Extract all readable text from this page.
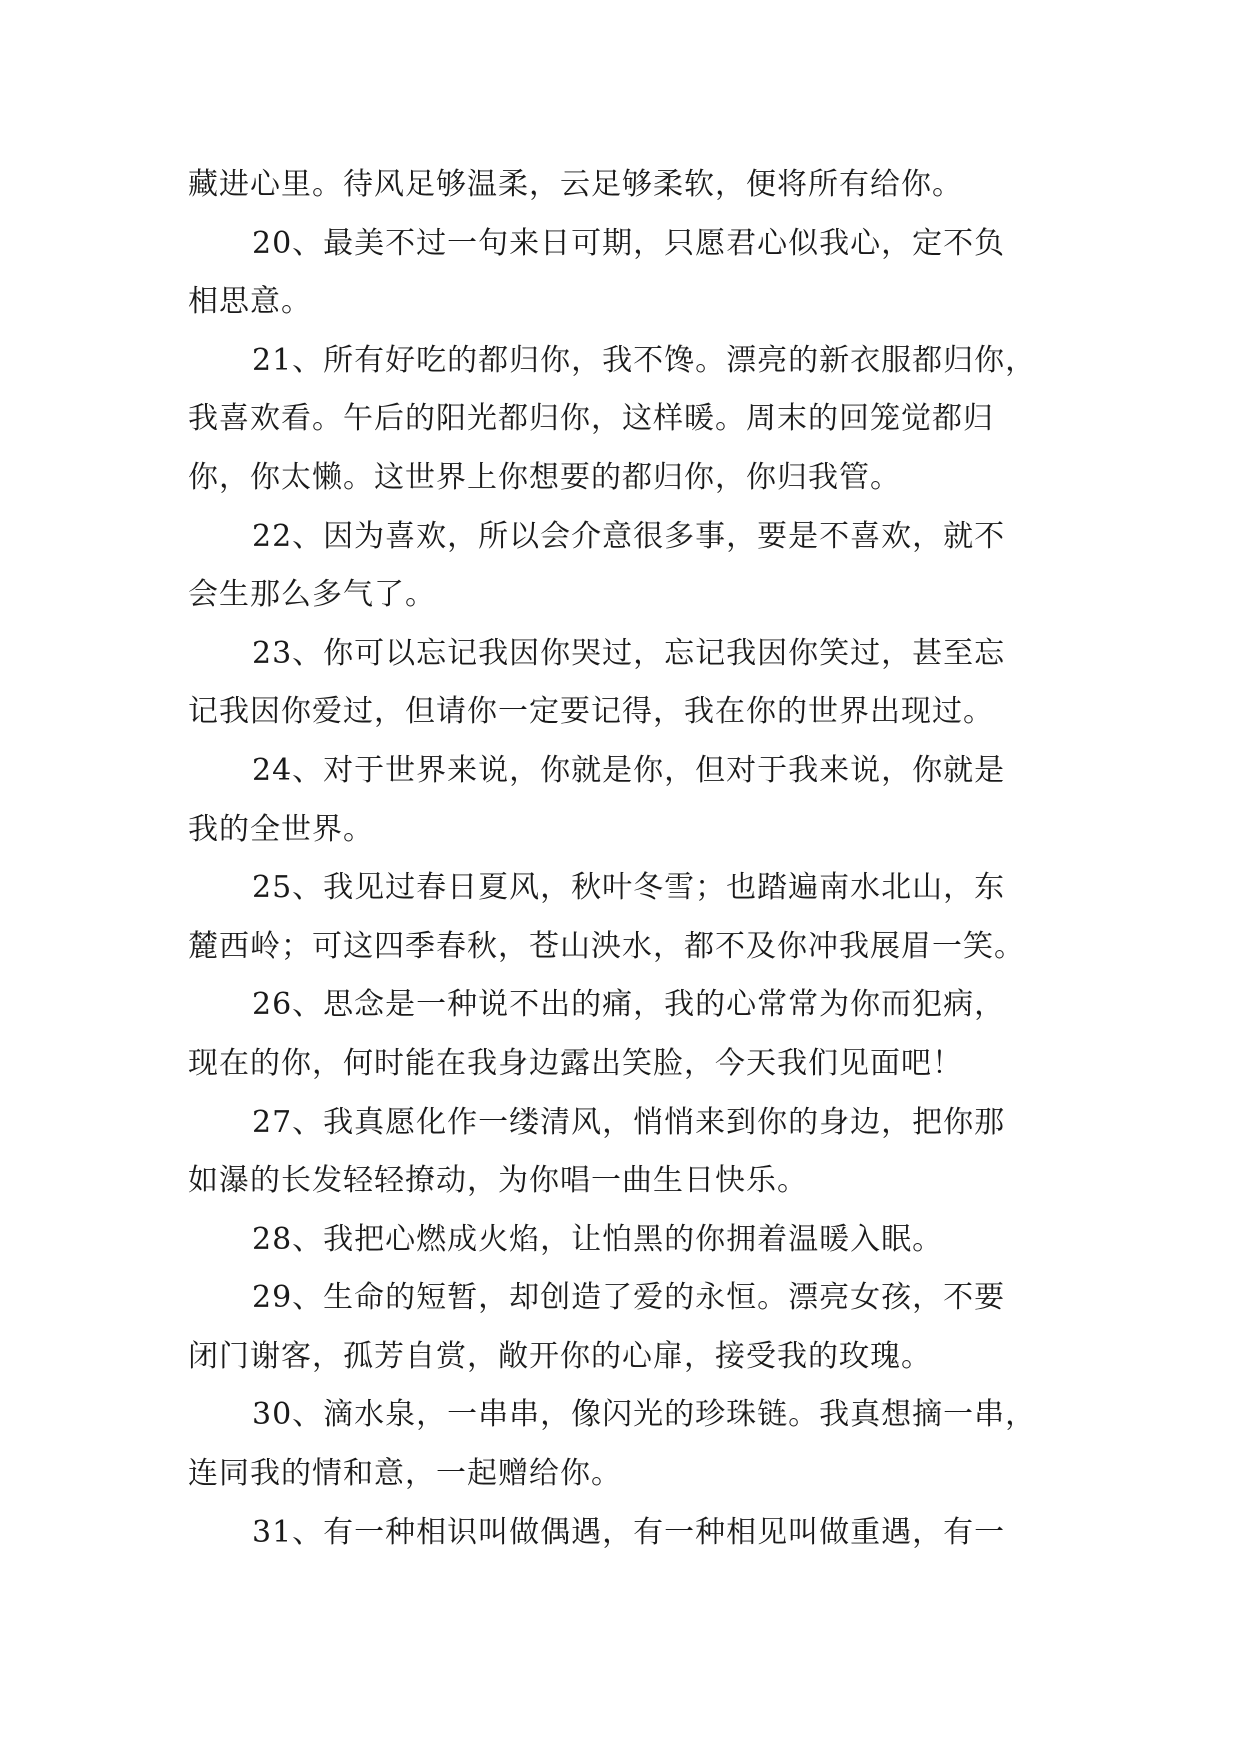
藏进心里。待风足够温柔，云足够柔软，便将所有给你。
20、最美不过一句来日可期，只愿君心似我心，定不负
相思意。
21、所有好吃的都归你，我不馋。漂亮的新衣服都归你，
我喜欢看。午后的阳光都归你，这样暖。周末的回笼觉都归
你，你太懒。这世界上你想要的都归你，你归我管。
22、因为喜欢，所以会介意很多事，要是不喜欢，就不
会生那么多气了。
23、你可以忘记我因你哭过，忘记我因你笑过，甚至忘
记我因你爱过，但请你一定要记得，我在你的世界出现过。
24、对于世界来说，你就是你，但对于我来说，你就是
我的全世界。
25、我见过春日夏风，秋叶冬雪；也踏遍南水北山，东
麓西岭；可这四季春秋，苍山泱水，都不及你冲我展眉一笑。
26、思念是一种说不出的痛，我的心常常为你而犯病，
现在的你，何时能在我身边露出笑脸，今天我们见面吧！
27、我真愿化作一缕清风，悄悄来到你的身边，把你那
如瀑的长发轻轻撩动，为你唱一曲生日快乐。
28、我把心燃成火焰，让怕黑的你拥着温暖入眠。
29、生命的短暂，却创造了爱的永恒。漂亮女孩，不要
闭门谢客，孤芳自赏，敞开你的心扉，接受我的玫瑰。
30、滴水泉，一串串，像闪光的珍珠链。我真想摘一串，
连同我的情和意，一起赠给你。
31、有一种相识叫做偶遇，有一种相见叫做重遇，有一
